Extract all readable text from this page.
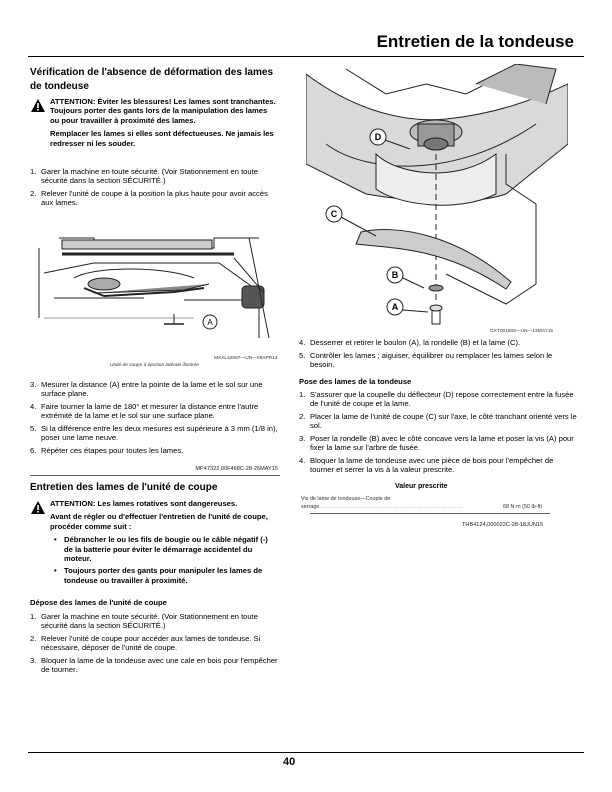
Entretien de la tondeuse
Vérification de l'absence de déformation des lames de tondeuse

ATTENTION: Éviter les blessures! Les lames sont tranchantes. Toujours porter des gants lors de la manipulation des lames ou pour travailler à proximité des lames.

Remplacer les lames si elles sont défectueuses. Ne jamais les redresser ni les souder.

1. Garer la machine en toute sécurité. (Voir Stationnement en toute sécurité dans la section SÉCURITÉ.)
2. Relever l'unité de coupe à la position la plus haute pour avoir accès aux lames.
A
MXAL42667—UN—09APR13
Unité de coupe à éjection latérale illustrée
3. Mesurer la distance (A) entre la pointe de la lame et le sol sur une surface plane.
4. Faire tourner la lame de 180° et mesurer la distance entre l'autre extrémité de la lame et le sol sur une surface plane.
5. Si la différence entre les deux mesures est supérieure à 3 mm (1/8 in), poser une lame neuve.
6. Répéter ces étapes pour toutes les lames.
MP47322,00F468C-28-26MAY15
Entretien des lames de l'unité de coupe

ATTENTION: Les lames rotatives sont dangereuses.

Avant de régler ou d'effectuer l'entretien de l'unité de coupe, procéder comme suit :

• Débrancher le ou les fils de bougie ou le câble négatif (-) de la batterie pour éviter le démarrage accidentel du moteur.
• Toujours porter des gants pour manipuler les lames de tondeuse ou travailler à proximité.
Dépose des lames de l'unité de coupe
1. Garer la machine en toute sécurité. (Voir Stationnement en toute sécurité dans la section SÉCURITÉ.)
2. Relever l'unité de coupe pour accéder aux lames de tondeuse. Si nécessaire, déposer de l'unité de coupe.
3. Bloquer la lame de la tondeuse avec une cale en bois pour l'empêcher de tourner.
D
C
B
A
GXT001605—UN—13MAY15
4. Desserrer et retirer le boulon (A), la rondelle (B) et la lame (C).
5. Contrôler les lames ; aiguiser, équilibrer ou remplacer les lames selon le besoin.
Pose des lames de la tondeuse
1. S'assurer que la coupelle du déflecteur (D) repose correctement entre la fusée de l'unité de coupe et la lame.
2. Placer la lame de l'unité de coupe (C) sur l'axe, le côté tranchant orienté vers le sol.
3. Poser la rondelle (B) avec le côté concave vers la lame et poser la vis (A) pour fixer la lame sur l'arbre de fusée.
4. Bloquer la lame de tondeuse avec une pièce de bois pour l'empêcher de tourner et serrer la vis à la valeur prescrite.
Valeur prescrite
Vis de lame de tondeuse—Couple de
serrage. . . . . . . . . . . . . . . . . . . . . . . . . . . . . . . . . . . . . . . . . . . . . . . .	68 N·m (50 lb-ft)
THB4124,000022C-28-18JUN15
40
